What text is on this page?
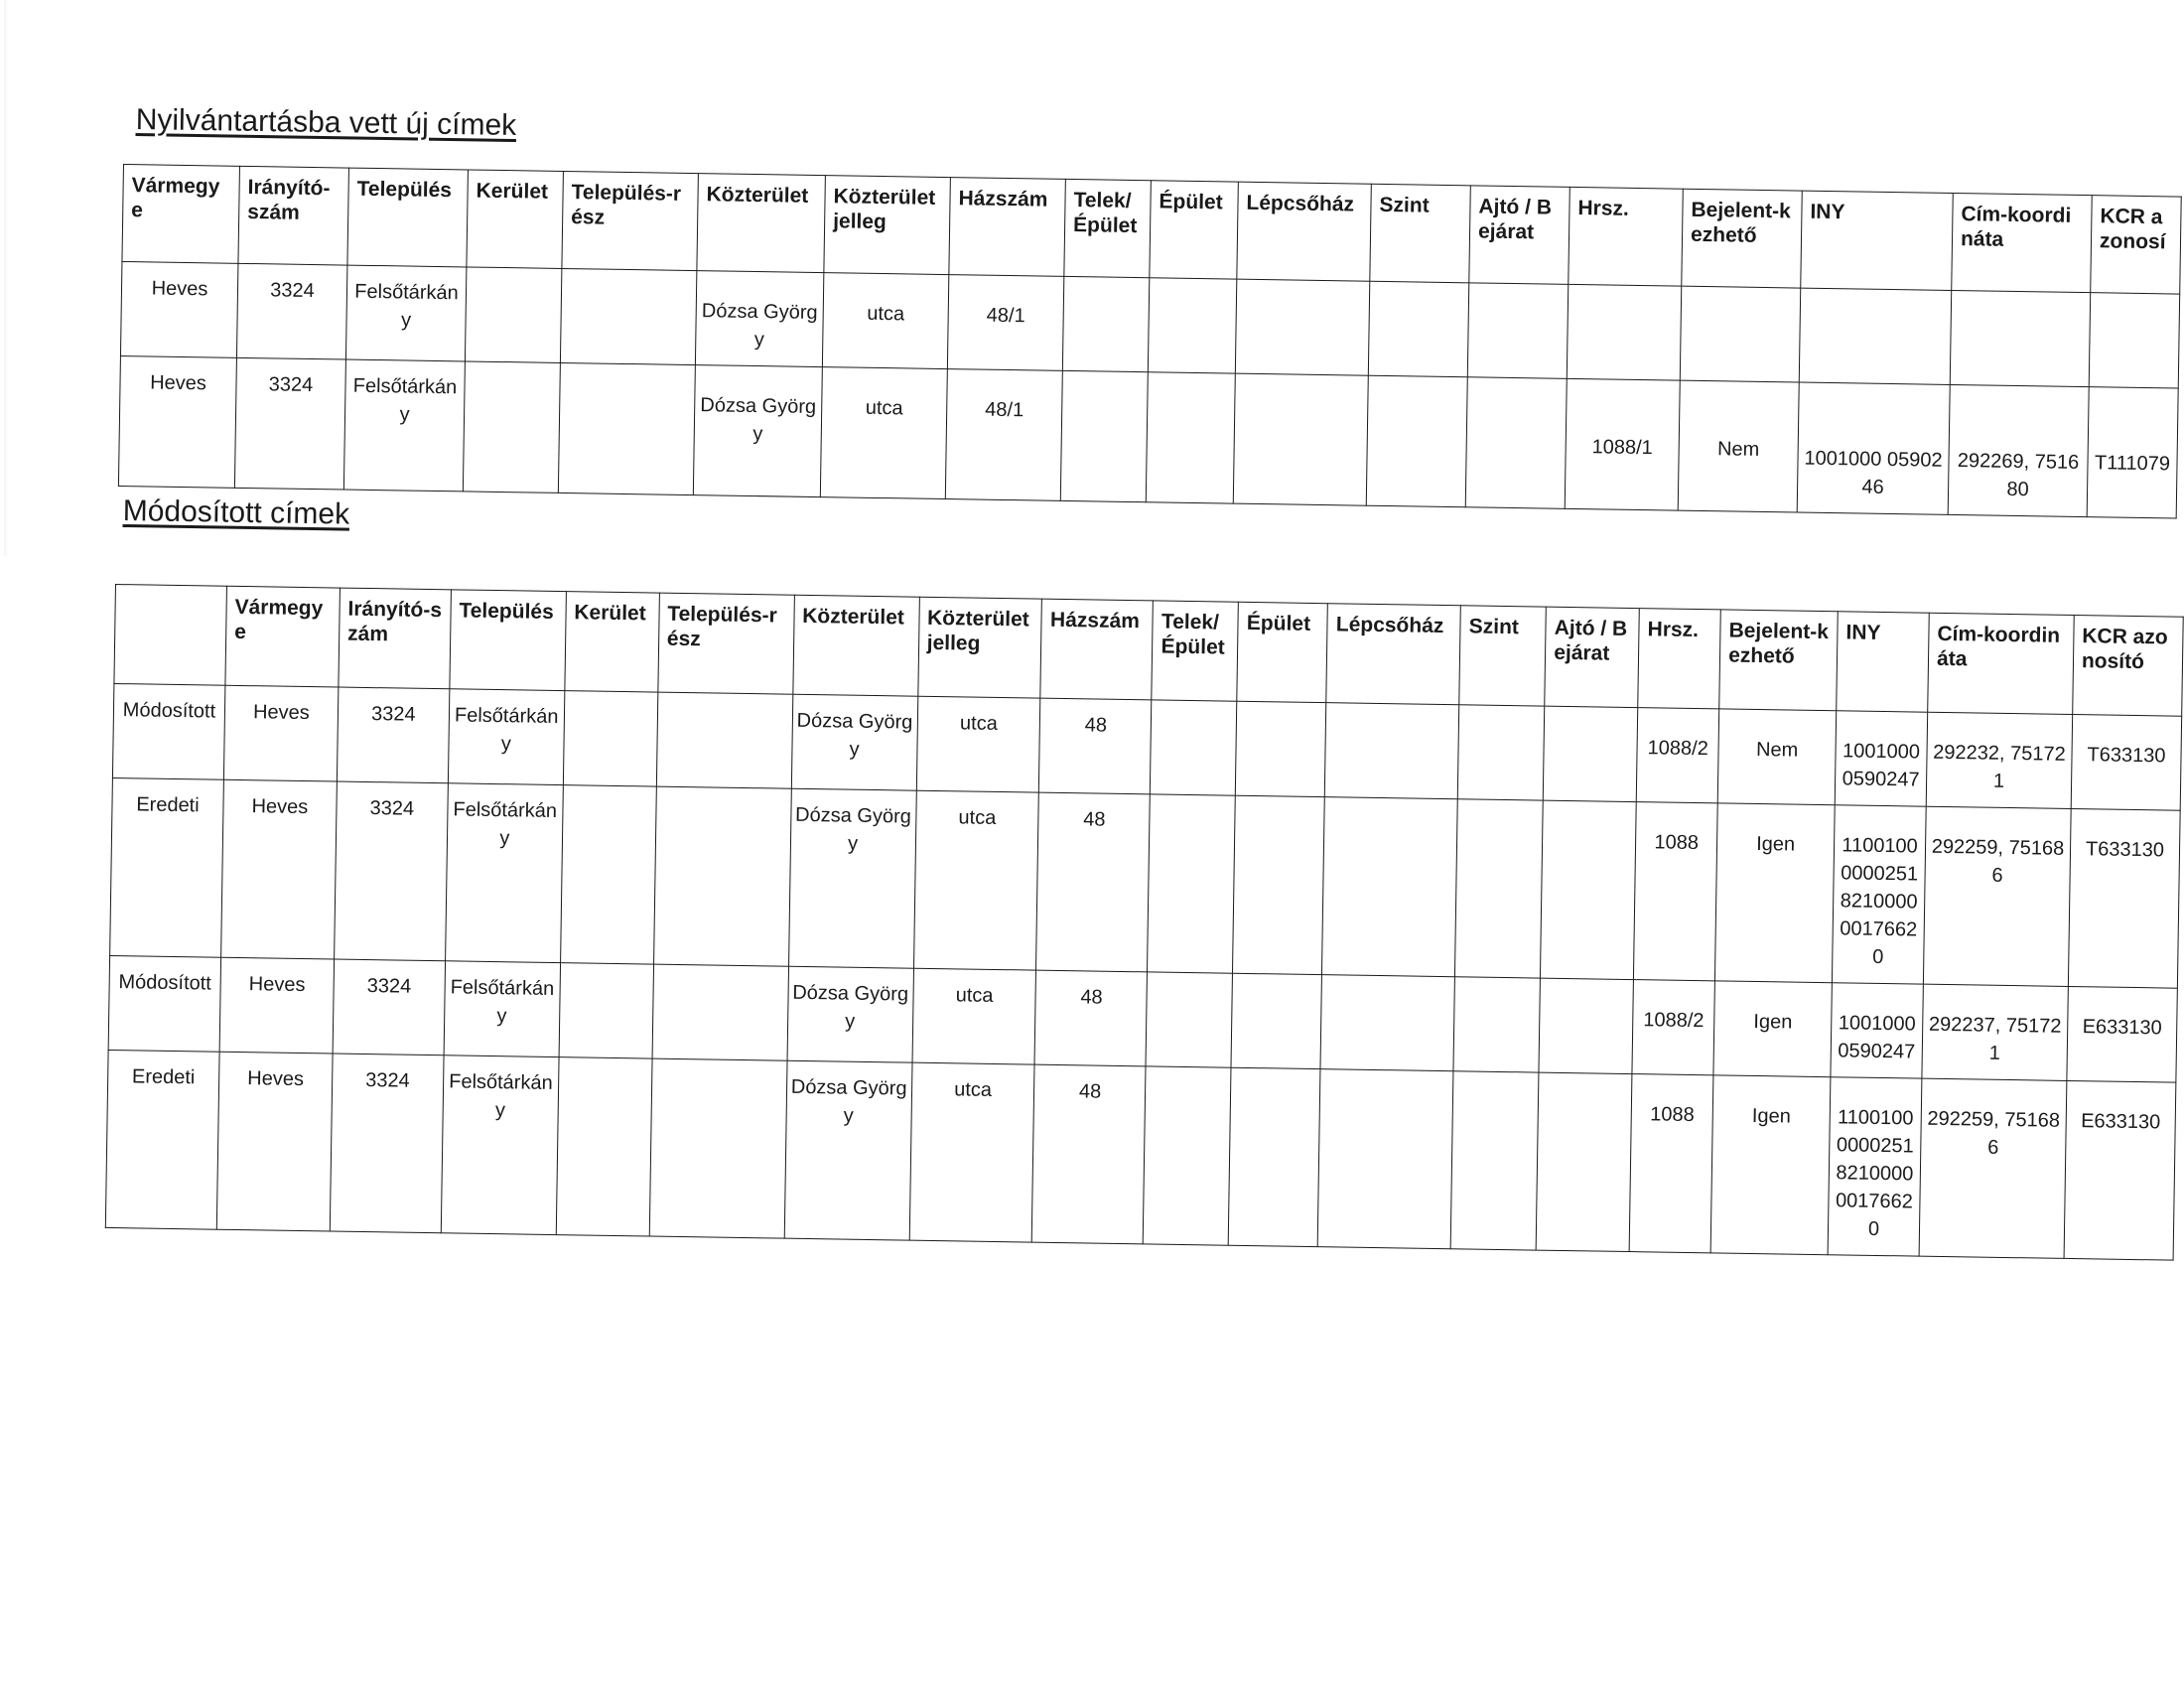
Nyilvántartásba vett új címek
Vármegye	Irányító-szám	Település	Kerület	Település-rész	Közterület	Közterület jelleg	Házszám	Telek/ Épület	Épület	Lépcsőház	Szint	Ajtó / Bejárat	Hrsz.	Bejelent-kezhető	INY	Cím-koordináta	KCR azonosí
Heves	3324	Felsőtárkány			Dózsa György	utca	48/1										
Heves	3324	Felsőtárkány			Dózsa György	utca	48/1						1088/1	Nem	1001000 0590246	292269, 751680	T111079
Módosított címek
	Vármegye	Irányító-szám	Település	Kerület	Település-rész	Közterület	Közterület jelleg	Házszám	Telek/ Épület	Épület	Lépcsőház	Szint	Ajtó / Bejárat	Hrsz.	Bejelent-kezhető	INY	Cím-koordináta	KCR azonosító
Módosított	Heves	3324	Felsőtárkány			Dózsa György	utca	48						1088/2	Nem	1001000 0590247	292232, 751721	T633130
Eredeti	Heves	3324	Felsőtárkány			Dózsa György	utca	48						1088	Igen	1100100 0000251 8210000 0017662 0	292259, 751686	T633130
Módosított	Heves	3324	Felsőtárkány			Dózsa György	utca	48						1088/2	Igen	1001000 0590247	292237, 751721	E633130
Eredeti	Heves	3324	Felsőtárkány			Dózsa György	utca	48						1088	Igen	1100100 0000251 8210000 0017662 0	292259, 751686	E633130
